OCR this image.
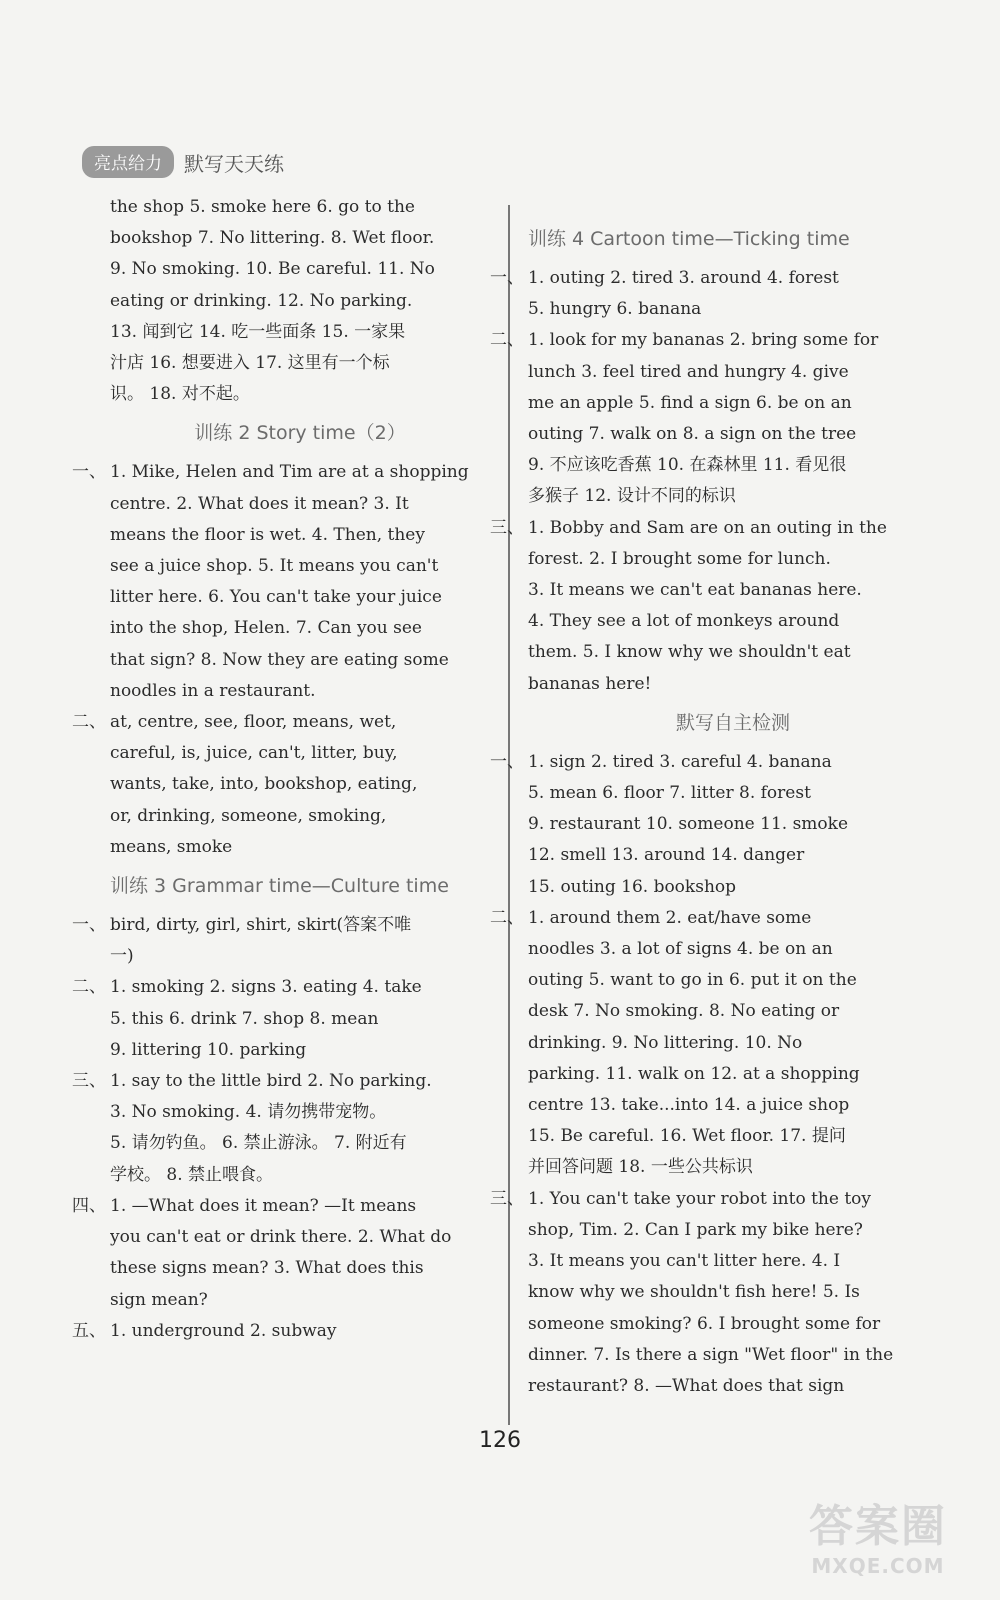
亮点给力	默写天天练
the shop 5. smoke here 6. go to the
bookshop 7. No littering. 8. Wet floor.
9. No smoking. 10. Be careful. 11. No
eating or drinking. 12. No parking.
13. 闻到它 14. 吃一些面条 15. 一家果
汁店 16. 想要进入 17. 这里有一个标
识。 18. 对不起。
训练 2 Story time（2）
一、 1. Mike, Helen and Tim are at a shopping
centre. 2. What does it mean? 3. It
means the floor is wet. 4. Then, they
see a juice shop. 5. It means you can't
litter here. 6. You can't take your juice
into the shop, Helen. 7. Can you see
that sign? 8. Now they are eating some
noodles in a restaurant.
二、 at, centre, see, floor, means, wet,
careful, is, juice, can't, litter, buy,
wants, take, into, bookshop, eating,
or, drinking, someone, smoking,
means, smoke
训练 3 Grammar time—Culture time
一、 bird, dirty, girl, shirt, skirt(答案不唯
一)
二、 1. smoking 2. signs 3. eating 4. take
5. this 6. drink 7. shop 8. mean
9. littering 10. parking
三、 1. say to the little bird 2. No parking.
3. No smoking. 4. 请勿携带宠物。
5. 请勿钓鱼。 6. 禁止游泳。 7. 附近有
学校。 8. 禁止喂食。
四、 1. —What does it mean? —It means
you can't eat or drink there. 2. What do
these signs mean? 3. What does this
sign mean?
五、 1. underground 2. subway
训练 4 Cartoon time—Ticking time
一、 1. outing 2. tired 3. around 4. forest
5. hungry 6. banana
二、 1. look for my bananas 2. bring some for
lunch 3. feel tired and hungry 4. give
me an apple 5. find a sign 6. be on an
outing 7. walk on 8. a sign on the tree
9. 不应该吃香蕉 10. 在森林里 11. 看见很
多猴子 12. 设计不同的标识
三、 1. Bobby and Sam are on an outing in the
forest. 2. I brought some for lunch.
3. It means we can't eat bananas here.
4. They see a lot of monkeys around
them. 5. I know why we shouldn't eat
bananas here!
默写自主检测
一、 1. sign 2. tired 3. careful 4. banana
5. mean 6. floor 7. litter 8. forest
9. restaurant 10. someone 11. smoke
12. smell 13. around 14. danger
15. outing 16. bookshop
二、 1. around them 2. eat/have some
noodles 3. a lot of signs 4. be on an
outing 5. want to go in 6. put it on the
desk 7. No smoking. 8. No eating or
drinking. 9. No littering. 10. No
parking. 11. walk on 12. at a shopping
centre 13. take...into 14. a juice shop
15. Be careful. 16. Wet floor. 17. 提问
并回答问题 18. 一些公共标识
三、 1. You can't take your robot into the toy
shop, Tim. 2. Can I park my bike here?
3. It means you can't litter here. 4. I
know why we shouldn't fish here! 5. Is
someone smoking? 6. I brought some for
dinner. 7. Is there a sign "Wet floor" in the
restaurant? 8. —What does that sign
126
答案圈
MXQE.COM
